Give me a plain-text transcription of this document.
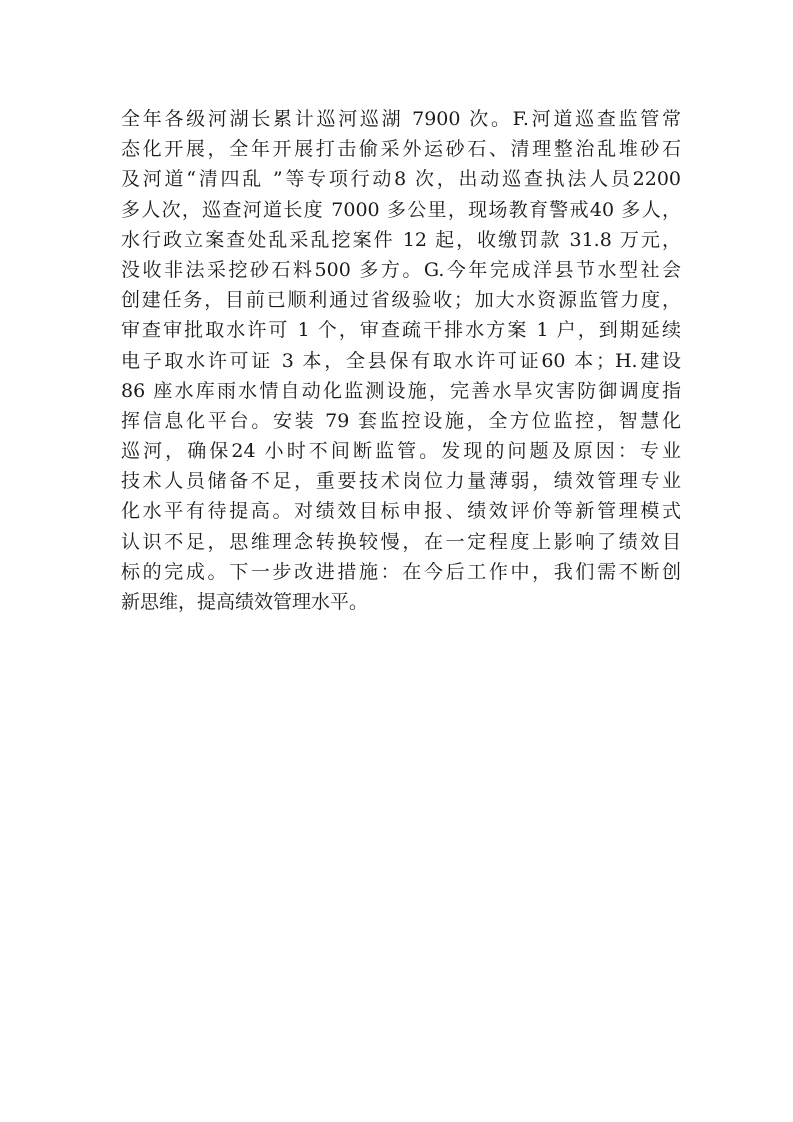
全年各级河湖长累计巡河巡湖 7900 次。F.河道巡查监管常
态化开展，全年开展打击偷采外运砂石、清理整治乱堆砂石
及河道“清四乱 ”等专项行动8 次，出动巡查执法人员2200
多人次，巡查河道长度 7000 多公里，现场教育警戒40 多人，
水行政立案查处乱采乱挖案件 12 起，收缴罚款 31.8 万元，
没收非法采挖砂石料500 多方。G.今年完成洋县节水型社会
创建任务，目前已顺利通过省级验收；加大水资源监管力度，
审查审批取水许可 1 个，审查疏干排水方案 1 户，到期延续
电子取水许可证 3 本，全县保有取水许可证60 本；H.建设
86 座水库雨水情自动化监测设施，完善水旱灾害防御调度指
挥信息化平台。安装 79 套监控设施，全方位监控，智慧化
巡河，确保24 小时不间断监管。发现的问题及原因：专业
技术人员储备不足，重要技术岗位力量薄弱，绩效管理专业
化水平有待提高。对绩效目标申报、绩效评价等新管理模式
认识不足，思维理念转换较慢，在一定程度上影响了绩效目
标的完成。下一步改进措施：在今后工作中，我们需不断创
新思维，提高绩效管理水平。
